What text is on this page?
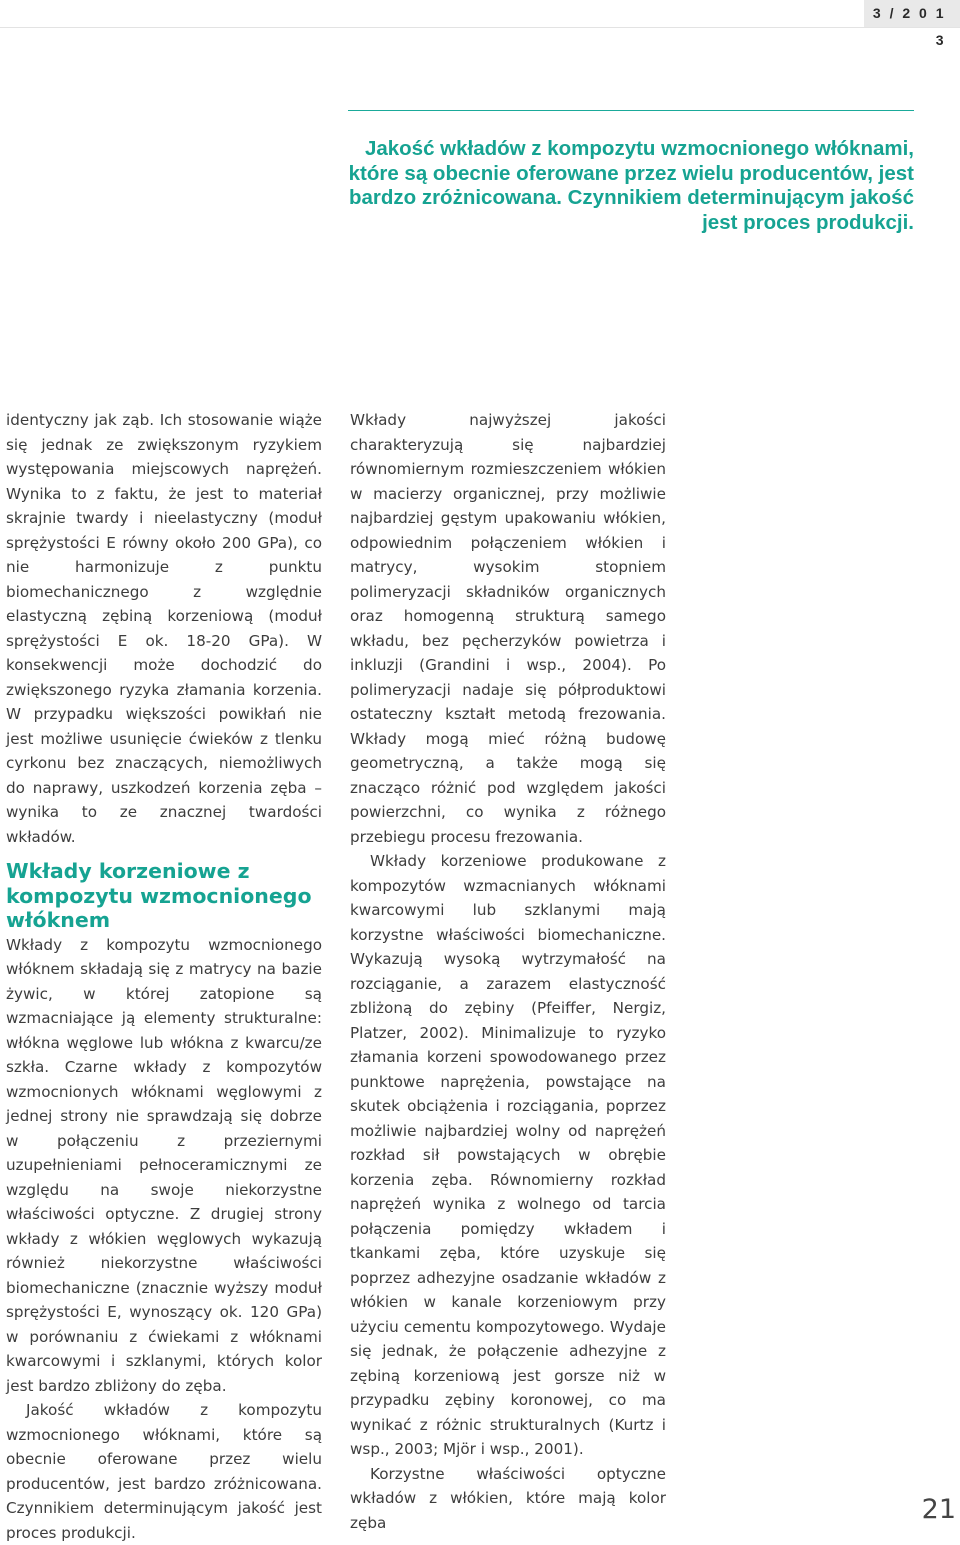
3 / 2 0 1 3
Jakość wkładów z kompozytu wzmocnionego włóknami, które są obecnie oferowane przez wielu producentów, jest bardzo zróżnicowana. Czynnikiem determinującym jakość jest proces produkcji.

identyczny jak ząb. Ich stosowanie wiąże się jednak ze zwiększonym ryzykiem występowania miejscowych naprężeń. Wynika to z faktu, że jest to materiał skrajnie twardy i nieelastyczny (moduł sprężystości E równy około 200 GPa), co nie harmonizuje z punktu biomechanicznego z względnie elastyczną zębiną korzeniową (moduł sprężystości E ok. 18-20 GPa). W konsekwencji może dochodzić do zwiększonego ryzyka złamania korzenia. W przypadku większości powikłań nie jest możliwe usunięcie ćwieków z tlenku cyrkonu bez znaczących, niemożliwych do naprawy, uszkodzeń korzenia zęba – wynika to ze znacznej twardości wkładów.

Wkłady korzeniowe z kompozytu wzmocnionego włóknem

Wkłady z kompozytu wzmocnionego włóknem składają się z matrycy na bazie żywic, w której zatopione są wzmacniające ją elementy strukturalne: włókna węglowe lub włókna z kwarcu/ze szkła. Czarne wkłady z kompozytów wzmocnionych włóknami węglowymi z jednej strony nie sprawdzają się dobrze w połączeniu z przeziernymi uzupełnieniami pełnoceramicznymi ze względu na swoje niekorzystne właściwości optyczne. Z drugiej strony wkłady z włókien węglowych wykazują również niekorzystne właściwości biomechaniczne (znacznie wyższy moduł sprężystości E, wynoszący ok. 120 GPa) w porównaniu z ćwiekami z włóknami kwarcowymi i szklanymi, których kolor jest bardzo zbliżony do zęba.

Jakość wkładów z kompozytu wzmocnionego włóknami, które są obecnie oferowane przez wielu producentów, jest bardzo zróżnicowana. Czynnikiem determinującym jakość jest proces produkcji.

Wkłady najwyższej jakości charakteryzują się najbardziej równomiernym rozmieszczeniem włókien w macierzy organicznej, przy możliwie najbardziej gęstym upakowaniu włókien, odpowiednim połączeniem włókien i matrycy, wysokim stopniem polimeryzacji składników organicznych oraz homogenną strukturą samego wkładu, bez pęcherzyków powietrza i inkluzji (Grandini i wsp., 2004). Po polimeryzacji nadaje się półproduktowi ostateczny kształt metodą frezowania. Wkłady mogą mieć różną budowę geometryczną, a także mogą się znacząco różnić pod względem jakości powierzchni, co wynika z różnego przebiegu procesu frezowania.

Wkłady korzeniowe produkowane z kompozytów wzmacnianych włóknami kwarcowymi lub szklanymi mają korzystne właściwości biomechaniczne. Wykazują wysoką wytrzymałość na rozciąganie, a zarazem elastyczność zbliżoną do zębiny (Pfeiffer, Nergiz, Platzer, 2002). Minimalizuje to ryzyko złamania korzeni spowodowanego przez punktowe naprężenia, powstające na skutek obciążenia i rozciągania, poprzez możliwie najbardziej wolny od naprężeń rozkład sił powstających w obrębie korzenia zęba. Równomierny rozkład naprężeń wynika z wolnego od tarcia połączenia pomiędzy wkładem i tkankami zęba, które uzyskuje się poprzez adhezyjne osadzanie wkładów z włókien w kanale korzeniowym przy użyciu cementu kompozytowego. Wydaje się jednak, że połączenie adhezyjne z zębiną korzeniową jest gorsze niż w przypadku zębiny koronowej, co ma wynikać z różnic strukturalnych (Kurtz i wsp., 2003; Mjör i wsp., 2001).

Korzystne właściwości optyczne wkładów z włókien, które mają kolor zęba	21
